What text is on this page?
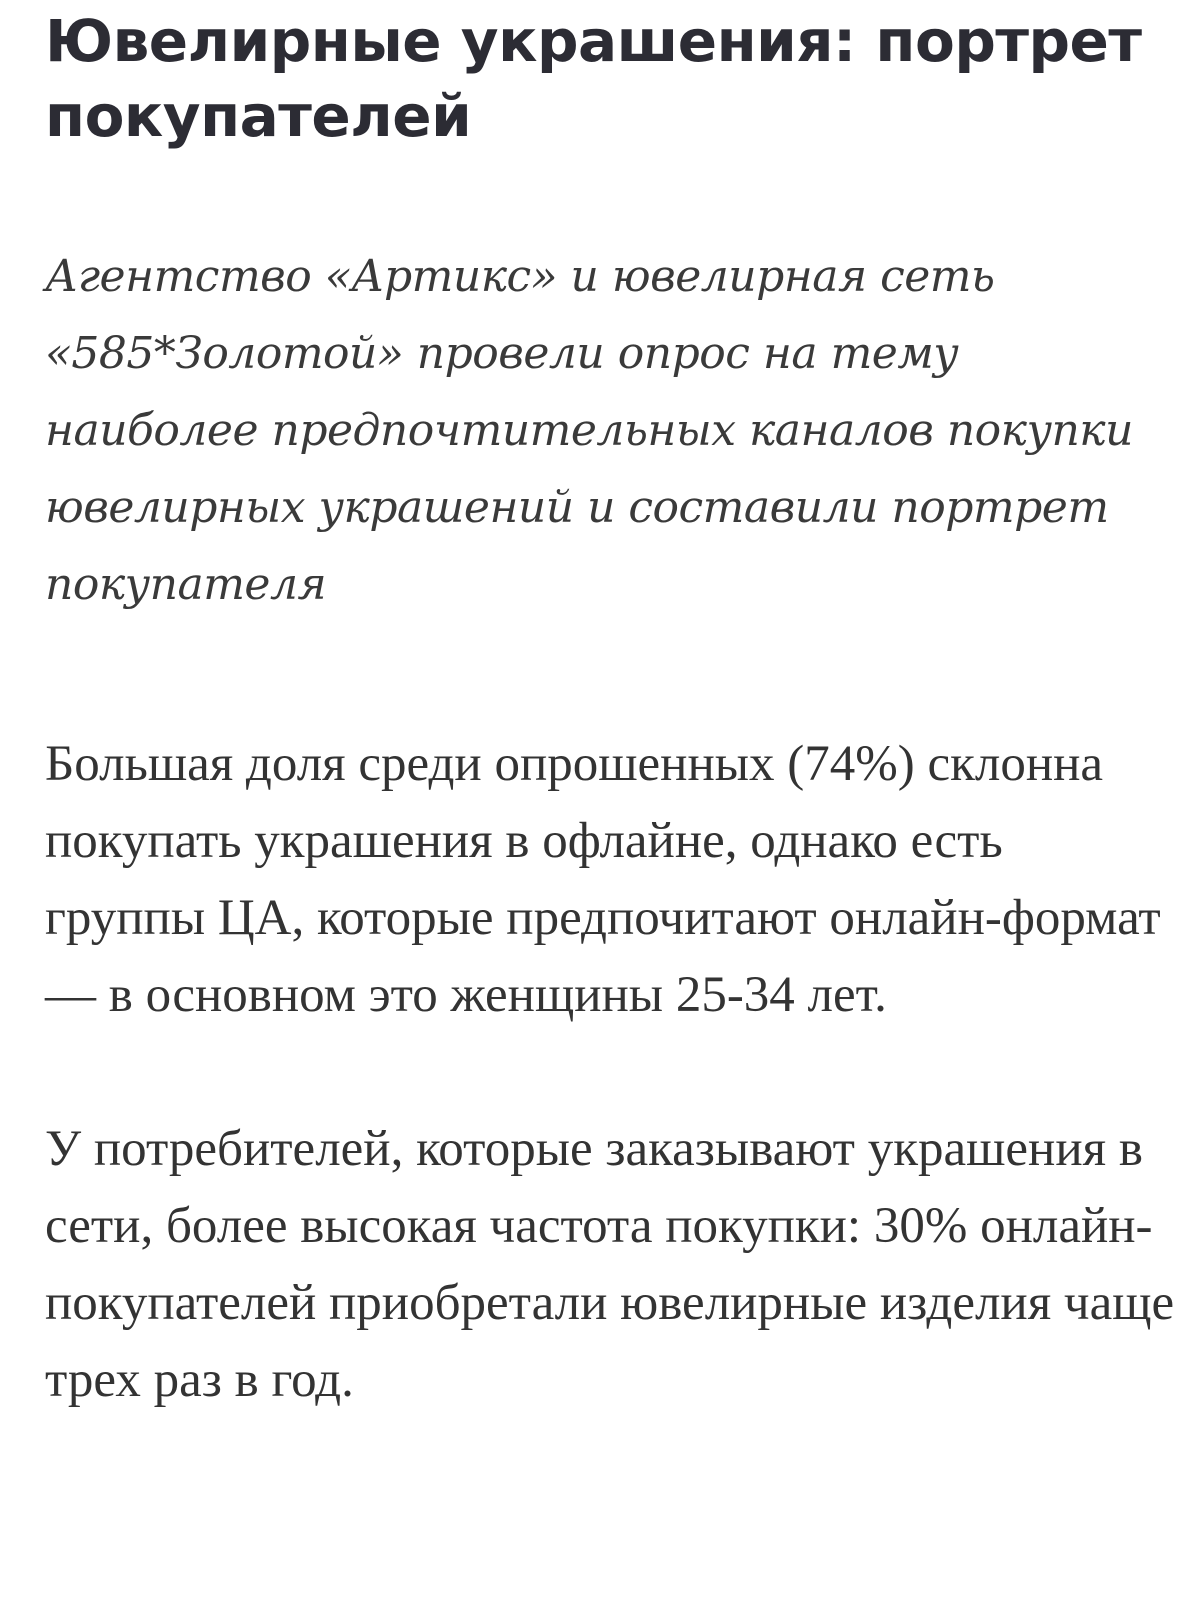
Ювелирные украшения: портрет покупателей

Агентство «Артикс» и ювелирная сеть «585*Золотой» провели опрос на тему наиболее предпочтительных каналов покупки ювелирных украшений и составили портрет покупателя

Большая доля среди опрошенных (74%) склонна покупать украшения в офлайне, однако есть группы ЦА, которые предпочитают онлайн-формат — в основном это женщины 25-34 лет.

У потребителей, которые заказывают украшения в сети, более высокая частота покупки: 30% онлайн-покупателей приобретали ювелирные изделия чаще трех раз в год.
